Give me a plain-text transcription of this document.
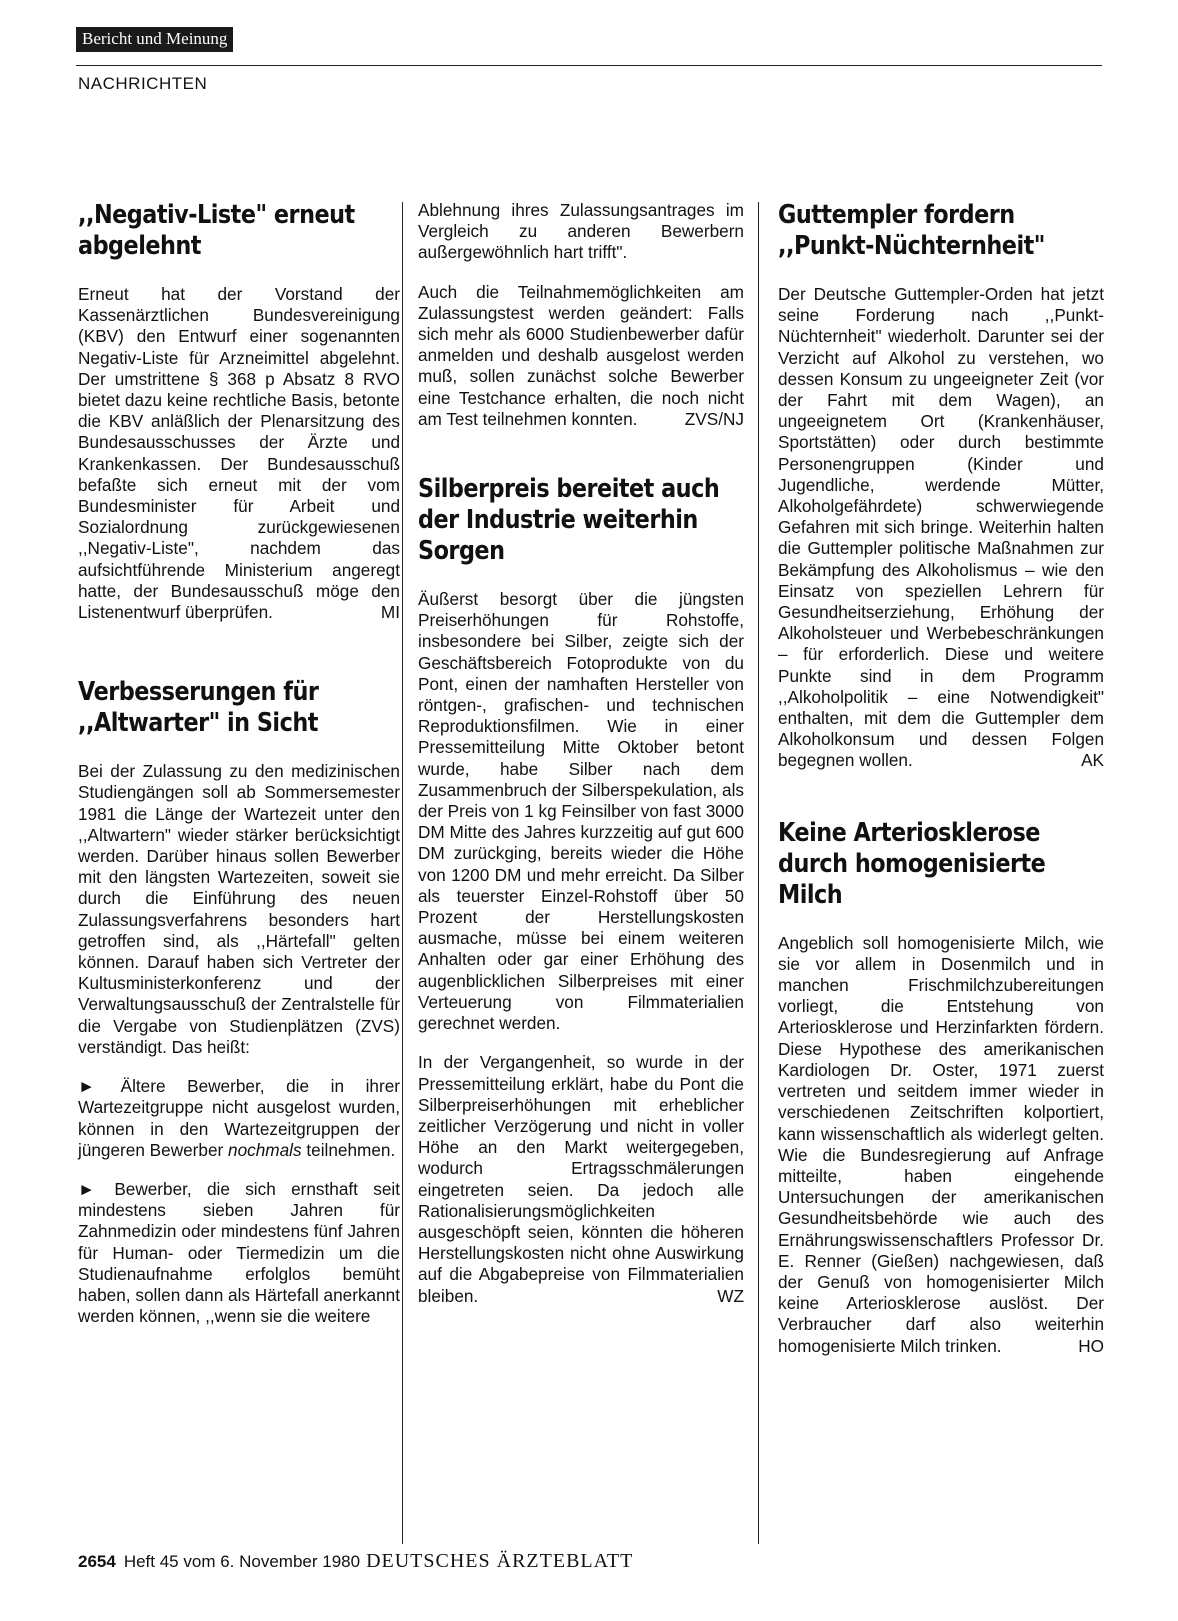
Bericht und Meinung
NACHRICHTEN
,,Negativ-Liste" erneut abgelehnt

Erneut hat der Vorstand der Kassenärztlichen Bundesvereinigung (KBV) den Entwurf einer sogenannten Negativ-Liste für Arzneimittel abgelehnt. Der umstrittene § 368 p Absatz 8 RVO bietet dazu keine rechtliche Basis, betonte die KBV anläßlich der Plenarsitzung des Bundesausschusses der Ärzte und Krankenkassen. Der Bundesausschuß befaßte sich erneut mit der vom Bundesminister für Arbeit und Sozialordnung zurückgewiesenen ,,Negativ-Liste", nachdem das aufsichtführende Ministerium angeregt hatte, der Bundesausschuß möge den Listenentwurf überprüfen.	MI

Verbesserungen für ,,Altwarter" in Sicht

Bei der Zulassung zu den medizinischen Studiengängen soll ab Sommersemester 1981 die Länge der Wartezeit unter den ,,Altwartern" wieder stärker berücksichtigt werden. Darüber hinaus sollen Bewerber mit den längsten Wartezeiten, soweit sie durch die Einführung des neuen Zulassungsverfahrens besonders hart getroffen sind, als ,,Härtefall" gelten können. Darauf haben sich Vertreter der Kultusministerkonferenz und der Verwaltungsausschuß der Zentralstelle für die Vergabe von Studienplätzen (ZVS) verständigt. Das heißt:

► Ältere Bewerber, die in ihrer Wartezeitgruppe nicht ausgelost wurden, können in den Wartezeitgruppen der jüngeren Bewerber nochmals teilnehmen.

► Bewerber, die sich ernsthaft seit mindestens sieben Jahren für Zahnmedizin oder mindestens fünf Jahren für Human- oder Tiermedizin um die Studienaufnahme erfolglos bemüht haben, sollen dann als Härtefall anerkannt werden können, ,,wenn sie die weitere

Ablehnung ihres Zulassungsantrages im Vergleich zu anderen Bewerbern außergewöhnlich hart trifft".

Auch die Teilnahmemöglichkeiten am Zulassungstest werden geändert: Falls sich mehr als 6000 Studienbewerber dafür anmelden und deshalb ausgelost werden muß, sollen zunächst solche Bewerber eine Testchance erhalten, die noch nicht am Test teilnehmen konnten.	ZVS/NJ

Silberpreis bereitet auch der Industrie weiterhin Sorgen

Äußerst besorgt über die jüngsten Preiserhöhungen für Rohstoffe, insbesondere bei Silber, zeigte sich der Geschäftsbereich Fotoprodukte von du Pont, einen der namhaften Hersteller von röntgen-, grafischen- und technischen Reproduktionsfilmen. Wie in einer Pressemitteilung Mitte Oktober betont wurde, habe Silber nach dem Zusammenbruch der Silberspekulation, als der Preis von 1 kg Feinsilber von fast 3000 DM Mitte des Jahres kurzzeitig auf gut 600 DM zurückging, bereits wieder die Höhe von 1200 DM und mehr erreicht. Da Silber als teuerster Einzel-Rohstoff über 50 Prozent der Herstellungskosten ausmache, müsse bei einem weiteren Anhalten oder gar einer Erhöhung des augenblicklichen Silberpreises mit einer Verteuerung von Filmmaterialien gerechnet werden.

In der Vergangenheit, so wurde in der Pressemitteilung erklärt, habe du Pont die Silberpreiserhöhungen mit erheblicher zeitlicher Verzögerung und nicht in voller Höhe an den Markt weitergegeben, wodurch Ertragsschmälerungen eingetreten seien. Da jedoch alle Rationalisierungsmöglichkeiten ausgeschöpft seien, könnten die höheren Herstellungskosten nicht ohne Auswirkung auf die Abgabepreise von Filmmaterialien bleiben.	WZ

Guttempler fordern ,,Punkt-Nüchternheit"

Der Deutsche Guttempler-Orden hat jetzt seine Forderung nach ,,Punkt-Nüchternheit" wiederholt. Darunter sei der Verzicht auf Alkohol zu verstehen, wo dessen Konsum zu ungeeigneter Zeit (vor der Fahrt mit dem Wagen), an ungeeignetem Ort (Krankenhäuser, Sportstätten) oder durch bestimmte Personengruppen (Kinder und Jugendliche, werdende Mütter, Alkoholgefährdete) schwerwiegende Gefahren mit sich bringe. Weiterhin halten die Guttempler politische Maßnahmen zur Bekämpfung des Alkoholismus – wie den Einsatz von speziellen Lehrern für Gesundheitserziehung, Erhöhung der Alkoholsteuer und Werbebeschränkungen – für erforderlich. Diese und weitere Punkte sind in dem Programm ,,Alkoholpolitik – eine Notwendigkeit" enthalten, mit dem die Guttempler dem Alkoholkonsum und dessen Folgen begegnen wollen.	AK

Keine Arteriosklerose durch homogenisierte Milch

Angeblich soll homogenisierte Milch, wie sie vor allem in Dosenmilch und in manchen Frischmilchzubereitungen vorliegt, die Entstehung von Arteriosklerose und Herzinfarkten fördern. Diese Hypothese des amerikanischen Kardiologen Dr. Oster, 1971 zuerst vertreten und seitdem immer wieder in verschiedenen Zeitschriften kolportiert, kann wissenschaftlich als widerlegt gelten. Wie die Bundesregierung auf Anfrage mitteilte, haben eingehende Untersuchungen der amerikanischen Gesundheitsbehörde wie auch des Ernährungswissenschaftlers Professor Dr. E. Renner (Gießen) nachgewiesen, daß der Genuß von homogenisierter Milch keine Arteriosklerose auslöst. Der Verbraucher darf also weiterhin homogenisierte Milch trinken.	HO

2654 Heft 45 vom 6. November 1980 DEUTSCHES ÄRZTEBLATT
